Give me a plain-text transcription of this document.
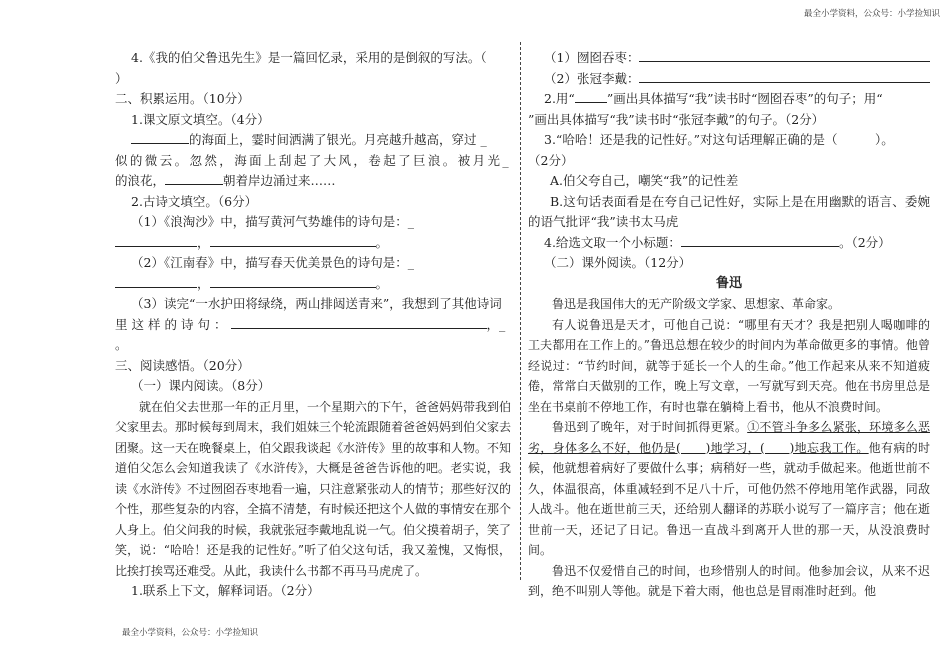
最全小学资料，公众号：小学捡知识
4.《我的伯父鲁迅先生》是一篇回忆录，采用的是倒叙的写法。（
）
二、积累运用。（10分）
1.课文原文填空。（4分）
的海面上，霎时间洒满了银光。月亮越升越高，穿过 _
似的微云。忽然，海面上刮起了大风，卷起了巨浪。被月光_
的浪花，	朝着岸边涌过来……
2.古诗文填空。（6分）
（1）《浪淘沙》中，描写黄河气势雄伟的诗句是：_
，	。
（2）《江南春》中，描写春天优美景色的诗句是：_
，	。
（3）读完“一水护田将绿绕，两山排闼送青来”，我想到了其他诗词
里这样的诗句：	，_
。
三、阅读感悟。（20分）
（一）课内阅读。（8分）
就在伯父去世那一年的正月里，一个星期六的下午，爸爸妈妈带我到伯父家里去。那时候每到周末，我们姐妹三个轮流跟随着爸爸妈妈到伯父家去团聚。这一天在晚餐桌上，伯父跟我谈起《水浒传》里的故事和人物。不知道伯父怎么会知道我读了《水浒传》，大概是爸爸告诉他的吧。老实说，我读《水浒传》不过囫囵吞枣地看一遍，只注意紧张动人的情节；那些好汉的个性，那些复杂的内容，全搞不清楚，有时候还把这个人做的事情安在那个人身上。伯父问我的时候，我就张冠李戴地乱说一气。伯父摸着胡子，笑了笑，说：“哈哈！还是我的记性好。”听了伯父这句话，我又羞愧，又悔恨，比挨打挨骂还难受。从此，我读什么书都不再马马虎虎了。
1.联系上下文，解释词语。（2分）
（1）囫囵吞枣：
（2）张冠李戴：
2.用“	”画出具体描写“我”读书时“囫囵吞枣”的句子；用“
”画出具体描写“我”读书时“张冠李戴”的句子。（2分）
3.“哈哈！还是我的记性好。”对这句话理解正确的是（　　　）。
（2分）
A.伯父夸自己，嘲笑“我”的记性差
B.这句话表面看是在夸自己记性好，实际上是在用幽默的语言、委婉的语气批评“我”读书太马虎
4.给选文取一个小标题：	。（2分）
（二）课外阅读。（12分）
鲁迅
鲁迅是我国伟大的无产阶级文学家、思想家、革命家。
有人说鲁迅是天才，可他自己说：“哪里有天才？我是把别人喝咖啡的工夫都用在工作上的。”鲁迅总想在较少的时间内为革命做更多的事情。他曾经说过：“节约时间，就等于延长一个人的生命。”他工作起来从来不知道疲倦，常常白天做别的工作，晚上写文章，一写就写到天亮。他在书房里总是坐在书桌前不停地工作，有时也靠在躺椅上看书，他从不浪费时间。
鲁迅到了晚年，对于时间抓得更紧。①不管斗争多么紧张，环境多么恶劣，身体多么不好，他仍是(　　)地学习，(　　)地忘我工作。他有病的时候，他就想着病好了要做什么事；病稍好一些，就动手做起来。他逝世前不久，体温很高，体重减轻到不足八十斤，可他仍然不停地用笔作武器，同敌人战斗。他在逝世前三天，还给别人翻译的苏联小说写了一篇序言；他在逝世前一天，还记了日记。鲁迅一直战斗到离开人世的那一天，从没浪费时间。
鲁迅不仅爱惜自己的时间，也珍惜别人的时间。他参加会议，从来不迟到，绝不叫别人等他。就是下着大雨，他也总是冒雨准时赶到。他
最全小学资料，公众号：小学捡知识
